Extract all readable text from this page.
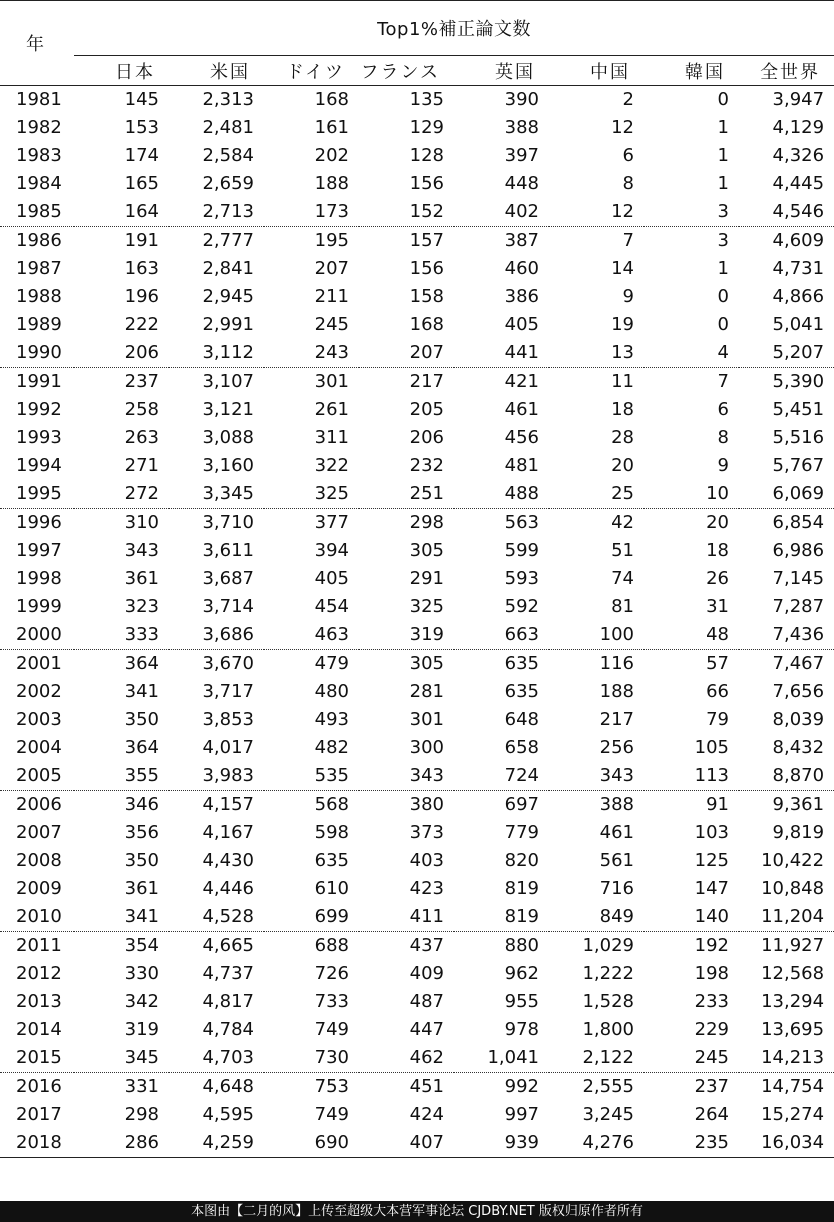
年	Top1%補正論文数							
	日本	米国	ドイツ	フランス	英国	中国	韓国	全世界
1981	145	2,313	168	135	390	2	0	3,947
1982	153	2,481	161	129	388	12	1	4,129
1983	174	2,584	202	128	397	6	1	4,326
1984	165	2,659	188	156	448	8	1	4,445
1985	164	2,713	173	152	402	12	3	4,546
1986	191	2,777	195	157	387	7	3	4,609
1987	163	2,841	207	156	460	14	1	4,731
1988	196	2,945	211	158	386	9	0	4,866
1989	222	2,991	245	168	405	19	0	5,041
1990	206	3,112	243	207	441	13	4	5,207
1991	237	3,107	301	217	421	11	7	5,390
1992	258	3,121	261	205	461	18	6	5,451
1993	263	3,088	311	206	456	28	8	5,516
1994	271	3,160	322	232	481	20	9	5,767
1995	272	3,345	325	251	488	25	10	6,069
1996	310	3,710	377	298	563	42	20	6,854
1997	343	3,611	394	305	599	51	18	6,986
1998	361	3,687	405	291	593	74	26	7,145
1999	323	3,714	454	325	592	81	31	7,287
2000	333	3,686	463	319	663	100	48	7,436
2001	364	3,670	479	305	635	116	57	7,467
2002	341	3,717	480	281	635	188	66	7,656
2003	350	3,853	493	301	648	217	79	8,039
2004	364	4,017	482	300	658	256	105	8,432
2005	355	3,983	535	343	724	343	113	8,870
2006	346	4,157	568	380	697	388	91	9,361
2007	356	4,167	598	373	779	461	103	9,819
2008	350	4,430	635	403	820	561	125	10,422
2009	361	4,446	610	423	819	716	147	10,848
2010	341	4,528	699	411	819	849	140	11,204
2011	354	4,665	688	437	880	1,029	192	11,927
2012	330	4,737	726	409	962	1,222	198	12,568
2013	342	4,817	733	487	955	1,528	233	13,294
2014	319	4,784	749	447	978	1,800	229	13,695
2015	345	4,703	730	462	1,041	2,122	245	14,213
2016	331	4,648	753	451	992	2,555	237	14,754
2017	298	4,595	749	424	997	3,245	264	15,274
2018	286	4,259	690	407	939	4,276	235	16,034
本图由【二月的风】上传至超级大本营军事论坛 CJDBY.NET 版权归原作者所有
